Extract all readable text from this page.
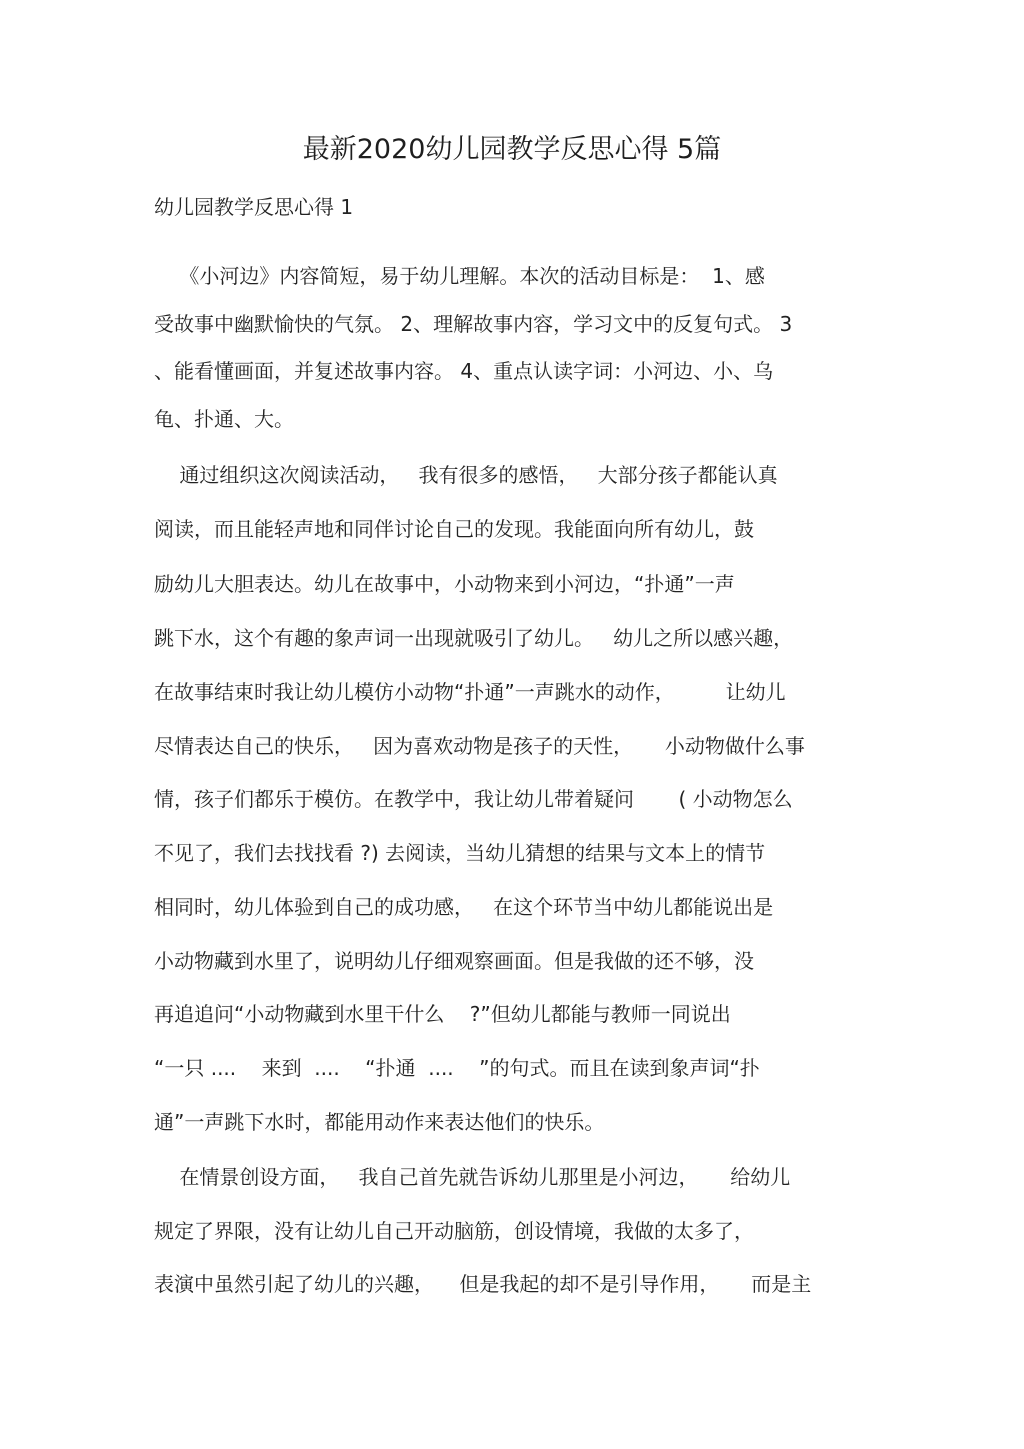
最新2020幼儿园教学反思心得 5篇
幼儿园教学反思心得 1
《小河边》内容简短，易于幼儿理解。本次的活动目标是：  1、感
受故事中幽默愉快的气氛。 2、理解故事内容，学习文中的反复句式。 3
、能看懂画面，并复述故事内容。 4、重点认读字词：小河边、小、乌
龟、扑通、大。
通过组织这次阅读活动，   我有很多的感悟，   大部分孩子都能认真
阅读，而且能轻声地和同伴讨论自己的发现。我能面向所有幼儿，鼓
励幼儿大胆表达。幼儿在故事中，小动物来到小河边，“扑通”一声
跳下水，这个有趣的象声词一出现就吸引了幼儿。   幼儿之所以感兴趣，
在故事结束时我让幼儿模仿小动物“扑通”一声跳水的动作，        让幼儿
尽情表达自己的快乐，   因为喜欢动物是孩子的天性，     小动物做什么事
情，孩子们都乐于模仿。在教学中，我让幼儿带着疑问       ( 小动物怎么
不见了，我们去找找看 ?) 去阅读，当幼儿猜想的结果与文本上的情节
相同时，幼儿体验到自己的成功感，   在这个环节当中幼儿都能说出是
小动物藏到水里了，说明幼儿仔细观察画面。但是我做的还不够，没
再追追问“小动物藏到水里干什么    ?”但幼儿都能与教师一同说出
“一只 ....    来到  ....    “扑通  ....    ”的句式。而且在读到象声词“扑
通”一声跳下水时，都能用动作来表达他们的快乐。
在情景创设方面，   我自己首先就告诉幼儿那里是小河边，     给幼儿
规定了界限，没有让幼儿自己开动脑筋，创设情境，我做的太多了，
表演中虽然引起了幼儿的兴趣，    但是我起的却不是引导作用，     而是主
